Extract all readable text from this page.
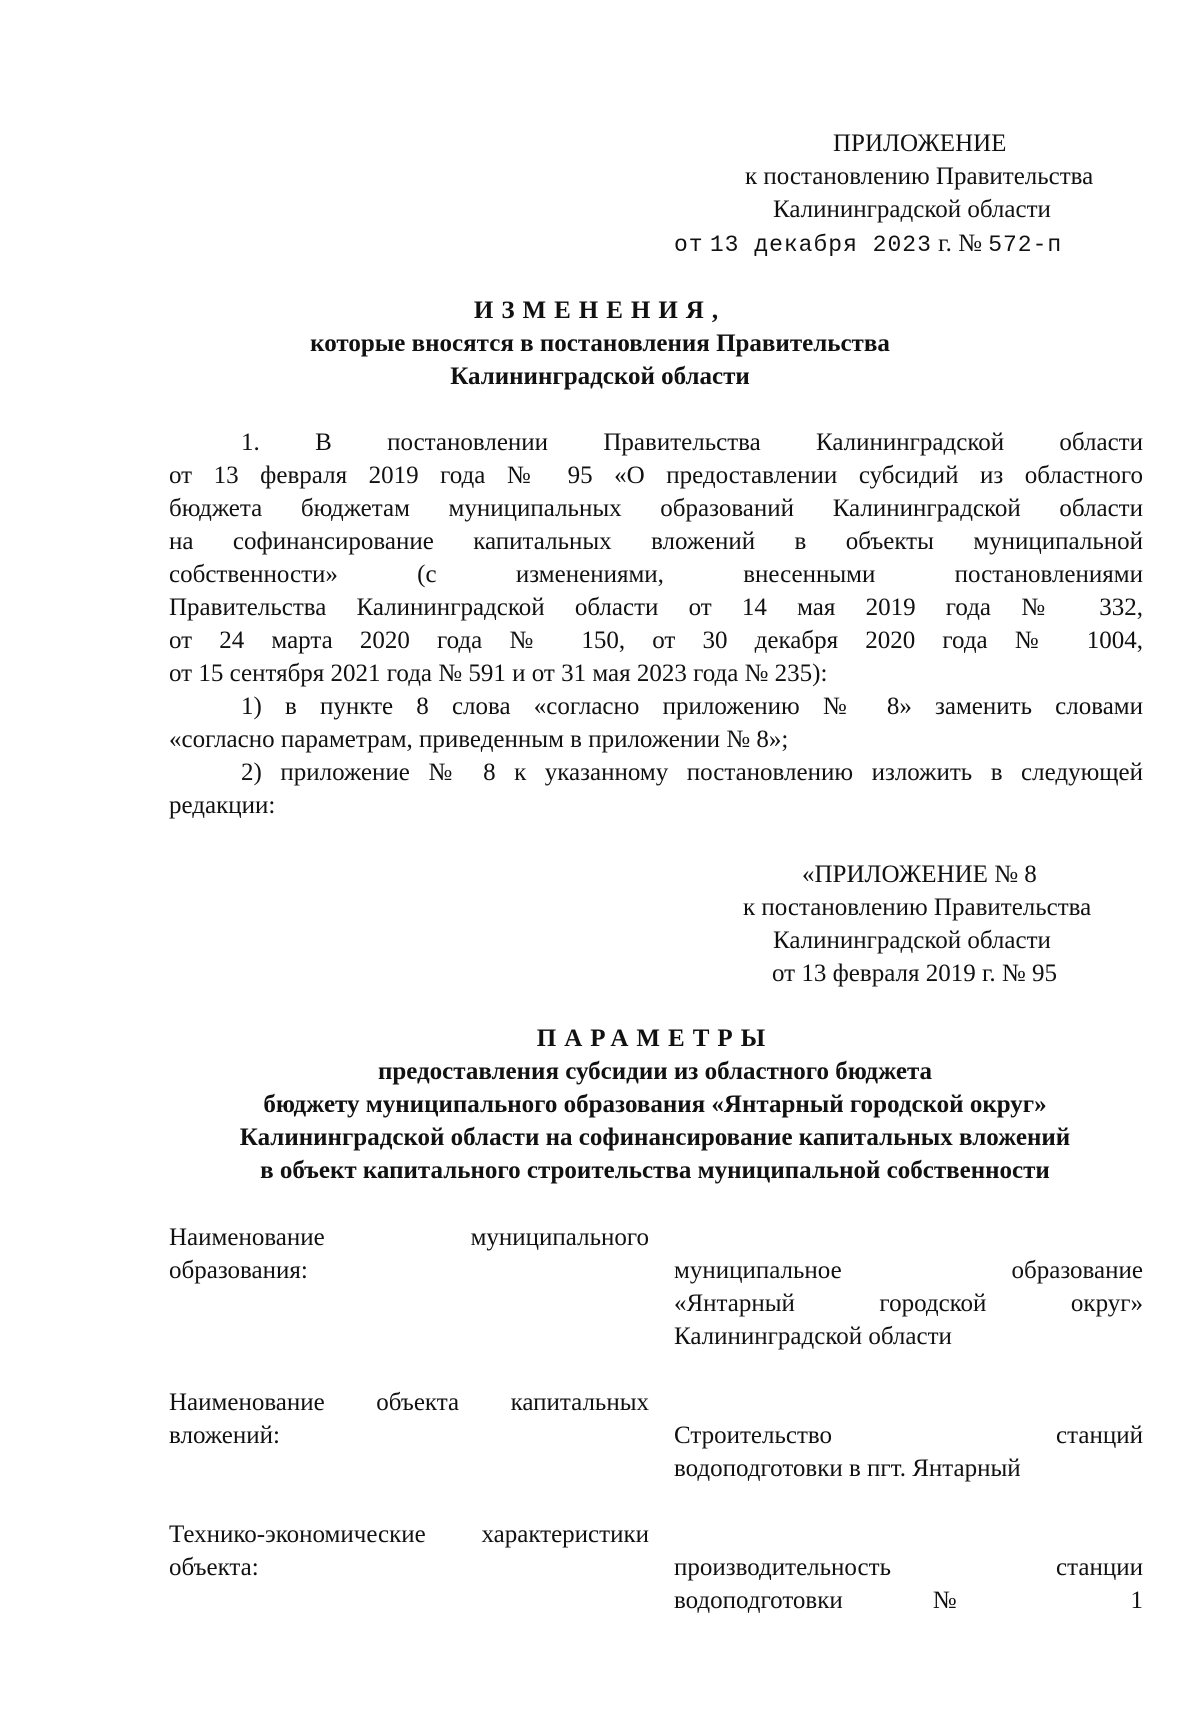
ПРИЛОЖЕНИЕ
к постановлению Правительства
Калининградской области
от 13 декабря 2023 г. № 572-п
ИЗМЕНЕНИЯ,
которые вносятся в постановления Правительства
Калининградской области
1. В постановлении Правительства Калининградской области
от 13 февраля 2019 года № 95 «О предоставлении субсидий из областного
бюджета бюджетам муниципальных образований Калининградской области
на софинансирование капитальных вложений в объекты муниципальной
собственности» (с изменениями, внесенными постановлениями
Правительства Калининградской области от 14 мая 2019 года № 332,
от 24 марта 2020 года № 150, от 30 декабря 2020 года № 1004,
от 15 сентября 2021 года № 591 и от 31 мая 2023 года № 235):
1) в пункте 8 слова «согласно приложению № 8» заменить словами
«согласно параметрам, приведенным в приложении № 8»;
2) приложение № 8 к указанному постановлению изложить в следующей
редакции:
«ПРИЛОЖЕНИЕ № 8
к постановлению Правительства
Калининградской области
от 13 февраля 2019 г. № 95
ПАРАМЕТРЫ
предоставления субсидии из областного бюджета
бюджету муниципального образования «Янтарный городской округ»
Калининградской области на софинансирование капитальных вложений
в объект капитального строительства муниципальной собственности
Наименование муниципального
образования:	муниципальное образование
«Янтарный городской округ»
Калининградской области
Наименование объекта капитальных
вложений:	Строительство станций
водоподготовки в пгт. Янтарный
Технико-экономические характеристики
объекта:	производительность станции
водоподготовки № 1
